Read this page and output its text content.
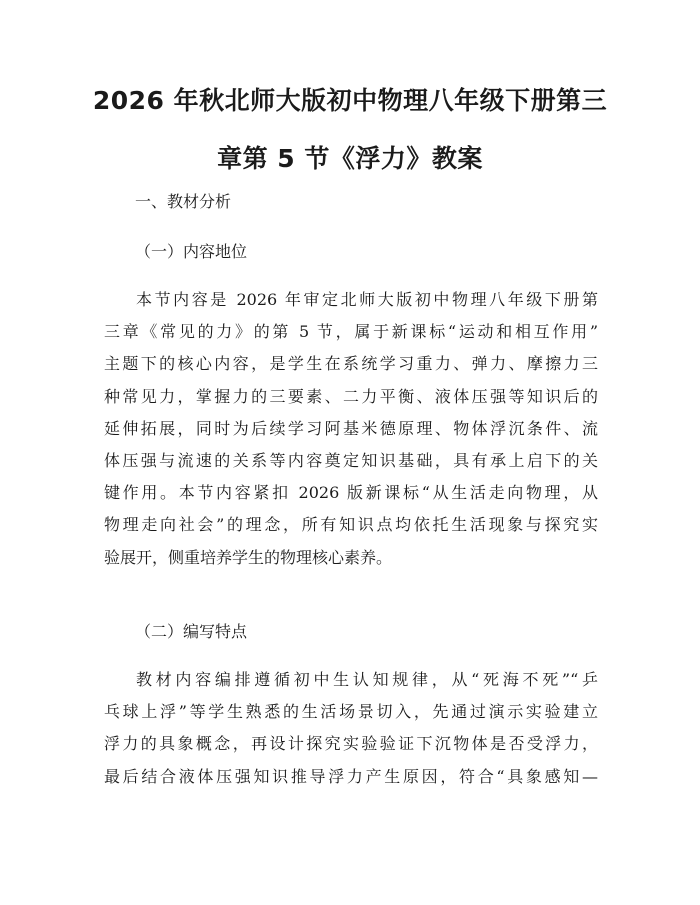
2026 年秋北师大版初中物理八年级下册第三
章第 5 节《浮力》教案
一、教材分析
（一）内容地位

本节内容是 2026 年审定北师大版初中物理八年级下册第
三章《常见的力》的第 5 节，属于新课标“运动和相互作用”
主题下的核心内容，是学生在系统学习重力、弹力、摩擦力三
种常见力，掌握力的三要素、二力平衡、液体压强等知识后的
延伸拓展，同时为后续学习阿基米德原理、物体浮沉条件、流
体压强与流速的关系等内容奠定知识基础，具有承上启下的关
键作用。本节内容紧扣 2026 版新课标“从生活走向物理，从
物理走向社会”的理念，所有知识点均依托生活现象与探究实
验展开，侧重培养学生的物理核心素养。

（二）编写特点

教材内容编排遵循初中生认知规律，从“死海不死”“乒
乓球上浮”等学生熟悉的生活场景切入，先通过演示实验建立
浮力的具象概念，再设计探究实验验证下沉物体是否受浮力，
最后结合液体压强知识推导浮力产生原因，符合“具象感知—
